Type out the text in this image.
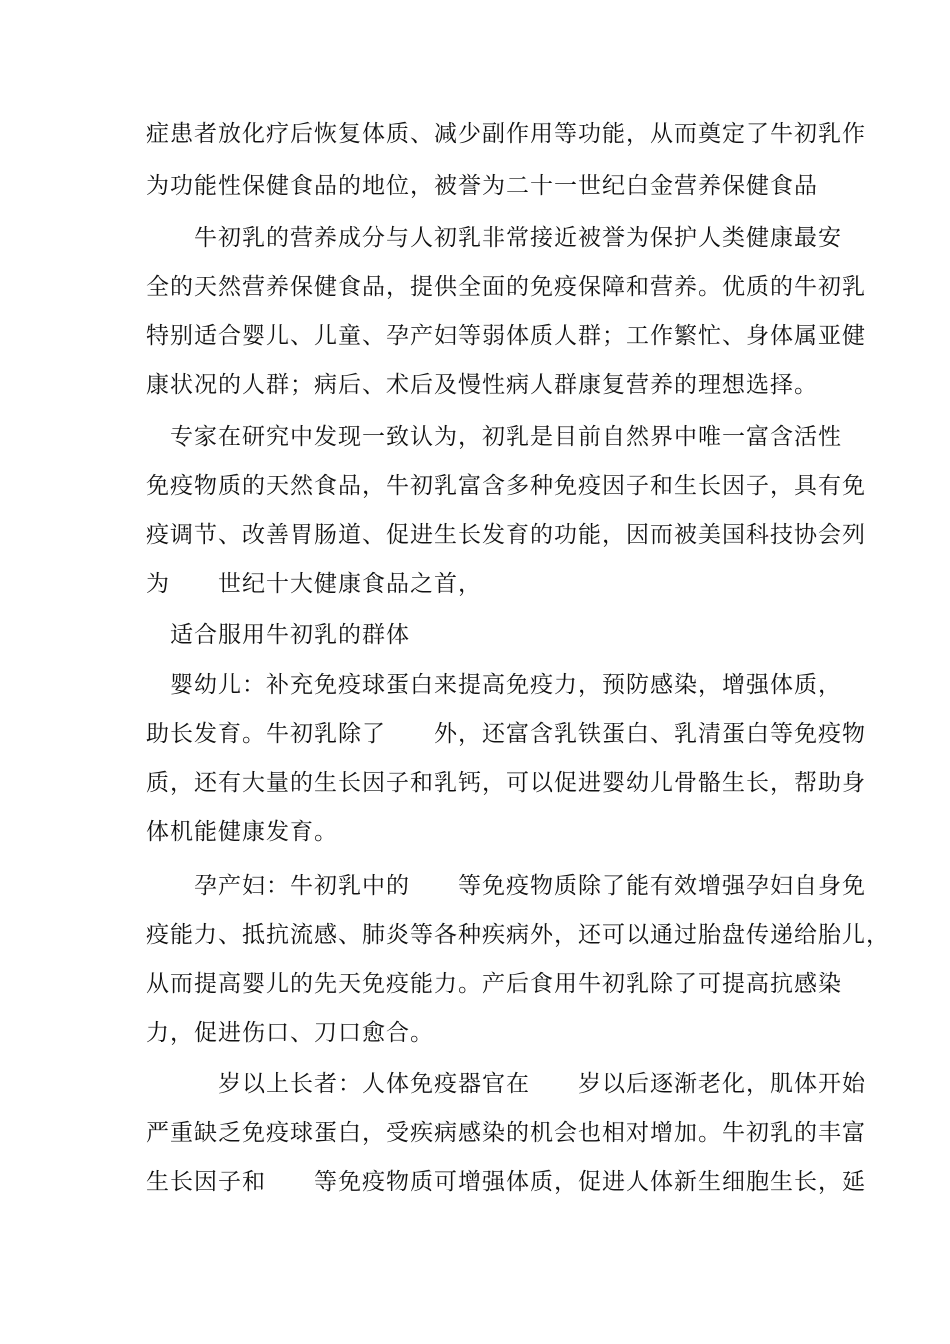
症患者放化疗后恢复体质、减少副作用等功能，从而奠定了牛初乳作
为功能性保健食品的地位，被誉为二十一世纪白金营养保健食品
　　牛初乳的营养成分与人初乳非常接近被誉为保护人类健康最安
全的天然营养保健食品，提供全面的免疫保障和营养。优质的牛初乳
特别适合婴儿、儿童、孕产妇等弱体质人群；工作繁忙、身体属亚健
康状况的人群；病后、术后及慢性病人群康复营养的理想选择。
　专家在研究中发现一致认为，初乳是目前自然界中唯一富含活性
免疫物质的天然食品，牛初乳富含多种免疫因子和生长因子，具有免
疫调节、改善胃肠道、促进生长发育的功能，因而被美国科技协会列
为　　世纪十大健康食品之首，
　适合服用牛初乳的群体
　婴幼儿：补充免疫球蛋白来提高免疫力，预防感染，增强体质，
助长发育。牛初乳除了　　外，还富含乳铁蛋白、乳清蛋白等免疫物
质，还有大量的生长因子和乳钙，可以促进婴幼儿骨骼生长，帮助身
体机能健康发育。
　　孕产妇：牛初乳中的　　等免疫物质除了能有效增强孕妇自身免
疫能力、抵抗流感、肺炎等各种疾病外，还可以通过胎盘传递给胎儿，
从而提高婴儿的先天免疫能力。产后食用牛初乳除了可提高抗感染
力，促进伤口、刀口愈合。
　　　岁以上长者：人体免疫器官在　　岁以后逐渐老化，肌体开始
严重缺乏免疫球蛋白，受疾病感染的机会也相对增加。牛初乳的丰富
生长因子和　　等免疫物质可增强体质，促进人体新生细胞生长，延
